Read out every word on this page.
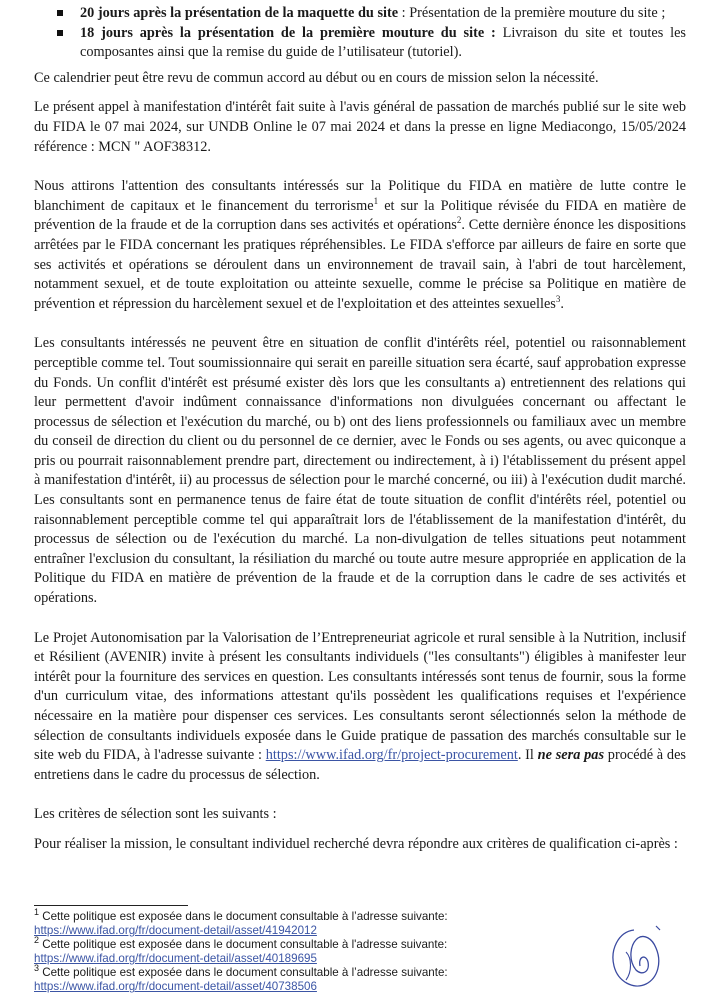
20 jours après la présentation de la maquette du site : Présentation de la première mouture du site ;
18 jours après la présentation de la première mouture du site : Livraison du site et toutes les composantes ainsi que la remise du guide de l’utilisateur (tutoriel).

Ce calendrier peut être revu de commun accord au début ou en cours de mission selon la nécessité.

Le présent appel à manifestation d'intérêt fait suite à l'avis général de passation de marchés publié sur le site web du FIDA le 07 mai 2024, sur UNDB Online le 07 mai 2024 et dans la presse en ligne Mediacongo, 15/05/2024 référence : MCN " AOF38312.

Nous attirons l'attention des consultants intéressés sur la Politique du FIDA en matière de lutte contre le blanchiment de capitaux et le financement du terrorisme$^1$ et sur la Politique révisée du FIDA en matière de prévention de la fraude et de la corruption dans ses activités et opérations$^2$. Cette dernière énonce les dispositions arrêtées par le FIDA concernant les pratiques répréhensibles. Le FIDA s'efforce par ailleurs de faire en sorte que ses activités et opérations se déroulent dans un environnement de travail sain, à l'abri de tout harcèlement, notamment sexuel, et de toute exploitation ou atteinte sexuelle, comme le précise sa Politique en matière de prévention et répression du harcèlement sexuel et de l'exploitation et des atteintes sexuelles$^3$.

Les consultants intéressés ne peuvent être en situation de conflit d'intérêts réel, potentiel ou raisonnablement perceptible comme tel. Tout soumissionnaire qui serait en pareille situation sera écarté, sauf approbation expresse du Fonds. Un conflit d'intérêt est présumé exister dès lors que les consultants a) entretiennent des relations qui leur permettent d'avoir indûment connaissance d'informations non divulguées concernant ou affectant le processus de sélection et l'exécution du marché, ou b) ont des liens professionnels ou familiaux avec un membre du conseil de direction du client ou du personnel de ce dernier, avec le Fonds ou ses agents, ou avec quiconque a pris ou pourrait raisonnablement prendre part, directement ou indirectement, à i) l'établissement du présent appel à manifestation d'intérêt, ii) au processus de sélection pour le marché concerné, ou iii) à l'exécution dudit marché. Les consultants sont en permanence tenus de faire état de toute situation de conflit d'intérêts réel, potentiel ou raisonnablement perceptible comme tel qui apparaîtrait lors de l'établissement de la manifestation d'intérêt, du processus de sélection ou de l'exécution du marché. La non-divulgation de telles situations peut notamment entraîner l'exclusion du consultant, la résiliation du marché ou toute autre mesure appropriée en application de la Politique du FIDA en matière de prévention de la fraude et de la corruption dans le cadre de ses activités et opérations.

Le Projet Autonomisation par la Valorisation de l’Entrepreneuriat agricole et rural sensible à la Nutrition, inclusif et Résilient (AVENIR) invite à présent les consultants individuels ("les consultants") éligibles à manifester leur intérêt pour la fourniture des services en question. Les consultants intéressés sont tenus de fournir, sous la forme d'un curriculum vitae, des informations attestant qu'ils possèdent les qualifications requises et l'expérience nécessaire en la matière pour dispenser ces services. Les consultants seront sélectionnés selon la méthode de sélection de consultants individuels exposée dans le Guide pratique de passation des marchés consultable sur le site web du FIDA, à l'adresse suivante : https://www.ifad.org/fr/project-procurement. Il ne sera pas procédé à des entretiens dans le cadre du processus de sélection.

Les critères de sélection sont les suivants :

Pour réaliser la mission, le consultant individuel recherché devra répondre aux critères de qualification ci-après :

$^1$ Cette politique est exposée dans le document consultable à l’adresse suivante:
https://www.ifad.org/fr/document-detail/asset/41942012
$^2$ Cette politique est exposée dans le document consultable à l'adresse suivante:
https://www.ifad.org/fr/document-detail/asset/40189695
$^3$ Cette politique est exposée dans le document consultable à l’adresse suivante:
https://www.ifad.org/fr/document-detail/asset/40738506
